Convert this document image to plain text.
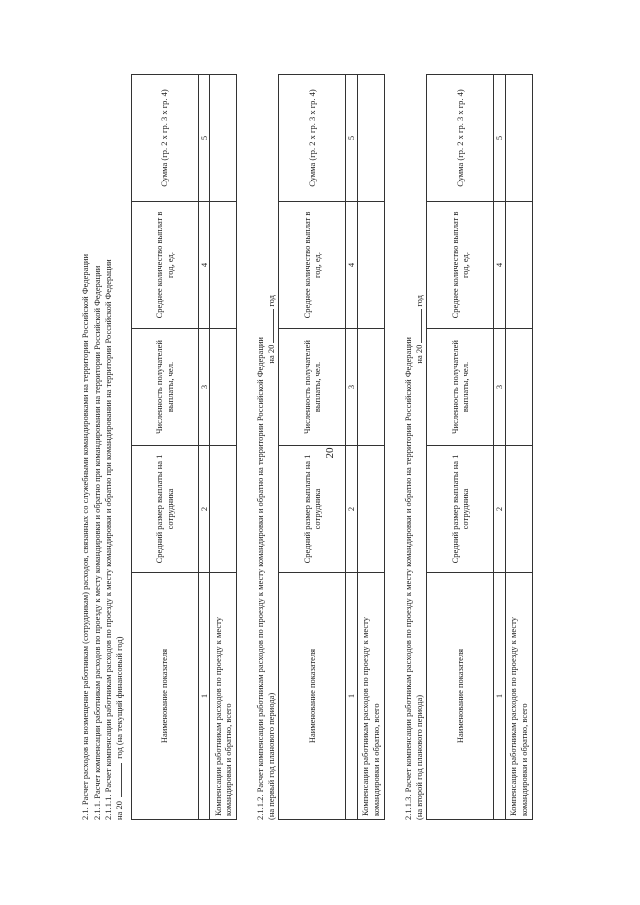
20

2.1. Расчет расходов на возмещение работникам (сотрудникам) расходов, связанных со служебными командировками на территории Российской Федерации 2.1.1. Расчет компенсации работникам расходов по проезду к месту командировки и обратно при командировании на территории Российской Федерации 2.1.1.1. Расчет компенсации работникам расходов по проезду к месту командировки и обратно при командировании на территории Российской Федерации на 20  год (на текущий финансовый год)	Наименование показателя	Средний размер выплаты на 1 сотрудника	Численность получателей выплаты, чел.	Среднее количество выплат в год, ед.	Сумма (гр. 2 x гр. 3 x гр. 4)
1	2	3	4	5
Компенсации работникам расходов по проезду к месту командировки и обратно, всего					2.1.1.2. Расчет компенсации работникам расходов по проезду к месту командировки и обратно на территории Российской Федерации на 20год

(на первый год планового периода)	Наименование показателя	Средний размер выплаты на 1 сотрудника	Численность получателей выплаты, чел.	Среднее количество выплат в год, ед.	Сумма (гр. 2 x гр. 3 x гр. 4)
1	2	3	4	5
Компенсации работникам расходов по проезду к месту командировки и обратно, всего					2.1.1.3. Расчет компенсации работникам расходов по проезду к месту командировки и обратно на территории Российской Федерации на 20год

(на второй год планового периода)	Наименование показателя	Средний размер выплаты на 1 сотрудника	Численность получателей выплаты, чел.	Среднее количество выплат в год, ед.	Сумма (гр. 2 x гр. 3 x гр. 4)
1	2	3	4	5
Компенсации работникам расходов по проезду к месту командировки и обратно, всего				
